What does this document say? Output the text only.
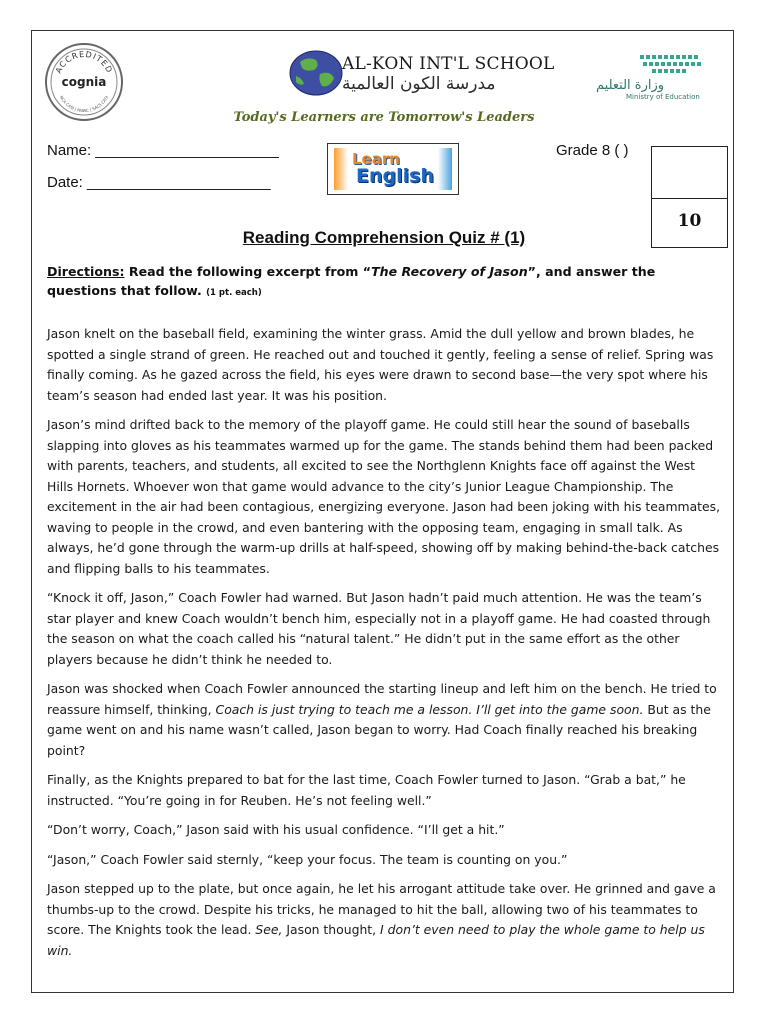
ACCREDITED
cognia
NCA CASI | NWAC | SACS CASI
AL-KON INT'L SCHOOL
مدرسة الكون العالمية	وزارة التعليم
Ministry of Education
Today's Learners are Tomorrow's Leaders
Name: ______________________
Date: ______________________
Learn
English
Grade 8 ( )
10
Reading Comprehension Quiz # (1)
Directions: Read the following excerpt from “The Recovery of Jason”, and answer the questions that follow. (1 pt. each)

Jason knelt on the baseball field, examining the winter grass. Amid the dull yellow and brown blades, he spotted a single strand of green. He reached out and touched it gently, feeling a sense of relief. Spring was finally coming. As he gazed across the field, his eyes were drawn to second base—the very spot where his team’s season had ended last year. It was his position.

Jason’s mind drifted back to the memory of the playoff game. He could still hear the sound of baseballs slapping into gloves as his teammates warmed up for the game. The stands behind them had been packed with parents, teachers, and students, all excited to see the Northglenn Knights face off against the West Hills Hornets. Whoever won that game would advance to the city’s Junior League Championship. The excitement in the air had been contagious, energizing everyone. Jason had been joking with his teammates, waving to people in the crowd, and even bantering with the opposing team, engaging in small talk. As always, he’d gone through the warm-up drills at half-speed, showing off by making behind-the-back catches and flipping balls to his teammates.

“Knock it off, Jason,” Coach Fowler had warned. But Jason hadn’t paid much attention. He was the team’s star player and knew Coach wouldn’t bench him, especially not in a playoff game. He had coasted through the season on what the coach called his “natural talent.” He didn’t put in the same effort as the other players because he didn’t think he needed to.

Jason was shocked when Coach Fowler announced the starting lineup and left him on the bench. He tried to reassure himself, thinking, Coach is just trying to teach me a lesson. I’ll get into the game soon. But as the game went on and his name wasn’t called, Jason began to worry. Had Coach finally reached his breaking point?

Finally, as the Knights prepared to bat for the last time, Coach Fowler turned to Jason. “Grab a bat,” he instructed. “You’re going in for Reuben. He’s not feeling well.”

“Don’t worry, Coach,” Jason said with his usual confidence. “I’ll get a hit.”

“Jason,” Coach Fowler said sternly, “keep your focus. The team is counting on you.”

Jason stepped up to the plate, but once again, he let his arrogant attitude take over. He grinned and gave a thumbs-up to the crowd. Despite his tricks, he managed to hit the ball, allowing two of his teammates to score. The Knights took the lead. See, Jason thought, I don’t even need to play the whole game to help us win.
